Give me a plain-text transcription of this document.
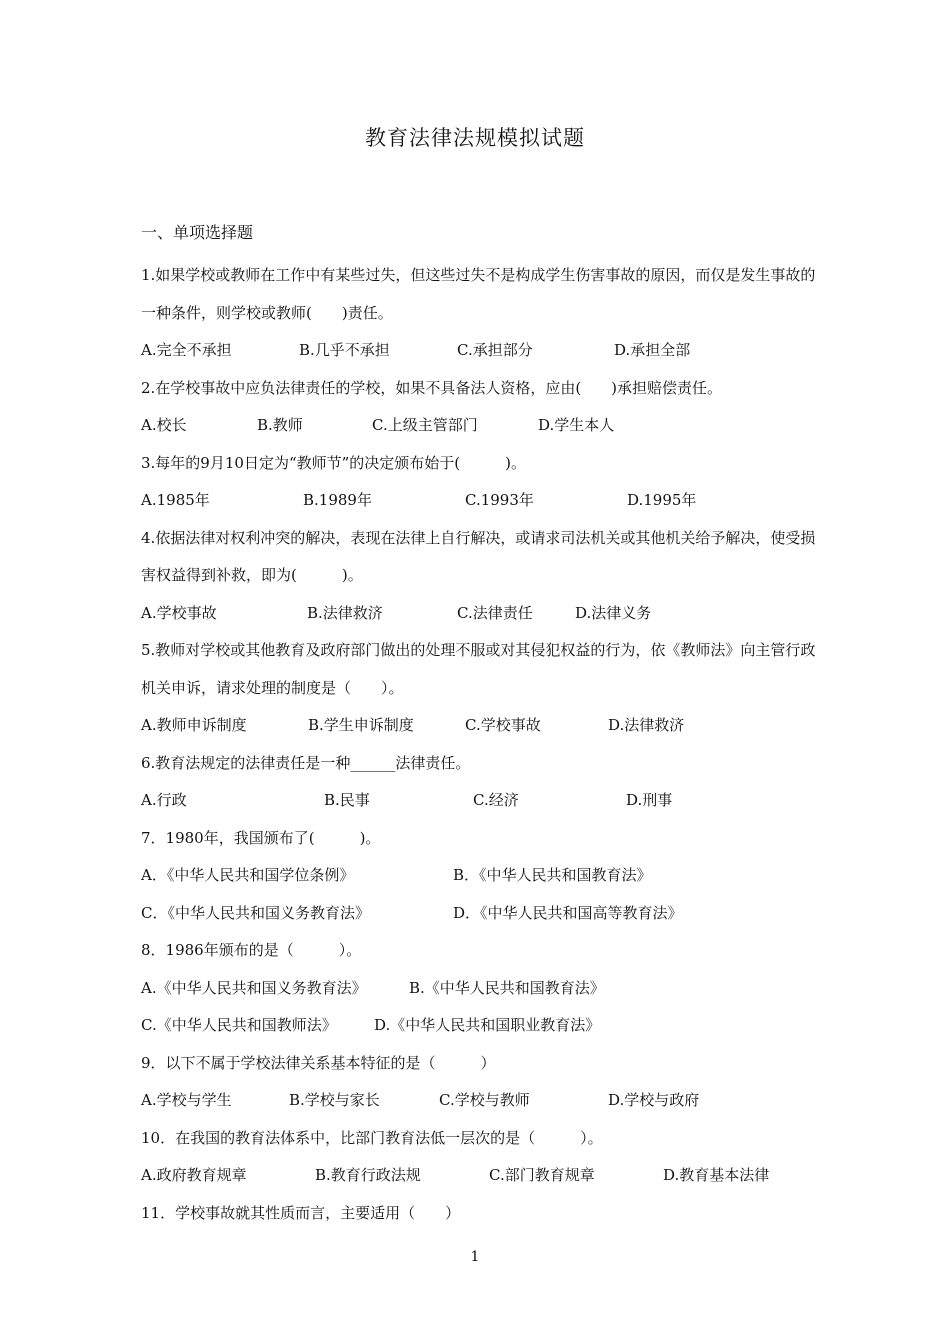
教育法律法规模拟试题
一、单项选择题

1.如果学校或教师在工作中有某些过失，但这些过失不是构成学生伤害事故的原因，而仅是发生事故的一种条件，则学校或教师(　　)责任。

A.完全不承担	B.几乎不承担	C.承担部分	D.承担全部

2.在学校事故中应负法律责任的学校，如果不具备法人资格，应由(　　)承担赔偿责任。

A.校长	B.教师	C.上级主管部门	D.学生本人

3.每年的9月10日定为“教师节”的决定颁布始于(　　　)。

A.1985年	B.1989年	C.1993年	D.1995年

4.依据法律对权利冲突的解决，表现在法律上自行解决，或请求司法机关或其他机关给予解决，使受损害权益得到补救，即为(　　　)。

A.学校事故	B.法律救济	C.法律责任	D.法律义务

5.教师对学校或其他教育及政府部门做出的处理不服或对其侵犯权益的行为，依《教师法》向主管行政机关申诉，请求处理的制度是（　　）。

A.教师申诉制度	B.学生申诉制度	C.学校事故	D.法律救济

6.教育法规定的法律责任是一种______法律责任。

A.行政	B.民事	C.经济	D.刑事

7．1980年，我国颁布了(　　　)。

A．《中华人民共和国学位条例》	B．《中华人民共和国教育法》
C．《中华人民共和国义务教育法》	D．《中华人民共和国高等教育法》

8．1986年颁布的是（　　　）。

A.《中华人民共和国义务教育法》	B.《中华人民共和国教育法》
C.《中华人民共和国教师法》 D.《中华人民共和国职业教育法》

9．以下不属于学校法律关系基本特征的是（　　　）

A.学校与学生	B.学校与家长	C.学校与教师	D.学校与政府

10．在我国的教育法体系中，比部门教育法低一层次的是（　　　）。

A.政府教育规章	B.教育行政法规	C.部门教育规章	D.教育基本法律

11．学校事故就其性质而言，主要适用（　　）

1
